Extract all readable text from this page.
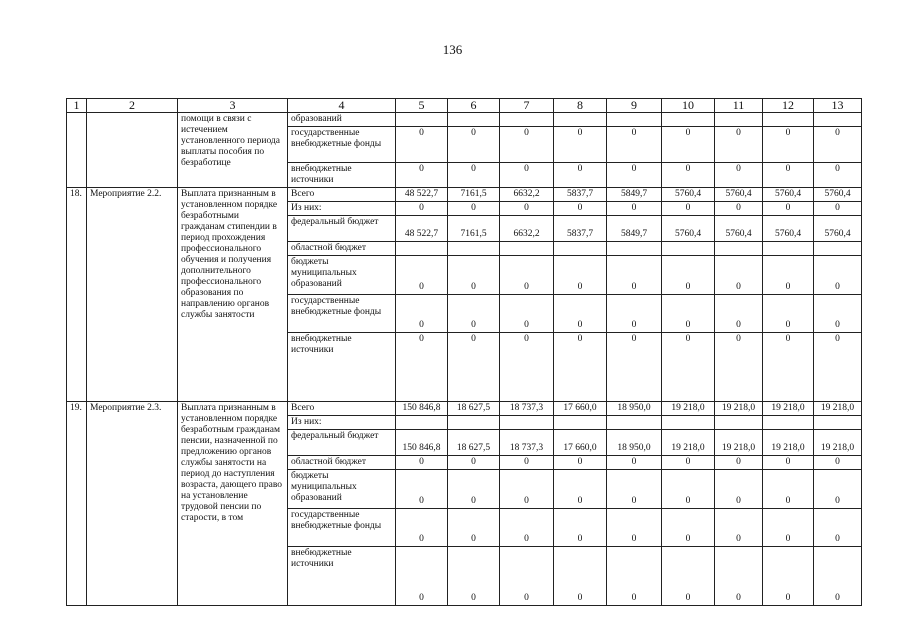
136
1	2	3	4	5	6	7	8	9	10	11	12	13
		помощи в связи с истечением установленного периода выплаты пособия по безработице	образований									
			государственные внебюджетные фонды	0	0	0	0	0	0	0	0	0
			внебюджетные источники	0	0	0	0	0	0	0	0	0
18.	Мероприятие 2.2.	Выплата признанным в установленном порядке безработными гражданам стипендии в период прохождения профессионального обучения и получения дополнительного профессионального образования по направлению органов службы занятости	Всего	48 522,7	7161,5	6632,2	5837,7	5849,7	5760,4	5760,4	5760,4	5760,4
			Из них:	0	0	0	0	0	0	0	0	0
			федеральный бюджет	48 522,7	7161,5	6632,2	5837,7	5849,7	5760,4	5760,4	5760,4	5760,4
			областной бюджет									
			бюджеты муниципальных образований	0	0	0	0	0	0	0	0	0
			государственные внебюджетные фонды	0	0	0	0	0	0	0	0	0
			внебюджетные источники	0	0	0	0	0	0	0	0	0
19.	Мероприятие 2.3.	Выплата признанным в установленном порядке безработным гражданам пенсии, назначенной по предложению органов службы занятости на период до наступления возраста, дающего право на установление трудовой пенсии по старости, в том	Всего	150 846,8	18 627,5	18 737,3	17 660,0	18 950,0	19 218,0	19 218,0	19 218,0	19 218,0
			Из них:									
			федеральный бюджет	150 846,8	18 627,5	18 737,3	17 660,0	18 950,0	19 218,0	19 218,0	19 218,0	19 218,0
			областной бюджет	0	0	0	0	0	0	0	0	0
			бюджеты муниципальных образований	0	0	0	0	0	0	0	0	0
			государственные внебюджетные фонды	0	0	0	0	0	0	0	0	0
			внебюджетные источники	0	0	0	0	0	0	0	0	0
